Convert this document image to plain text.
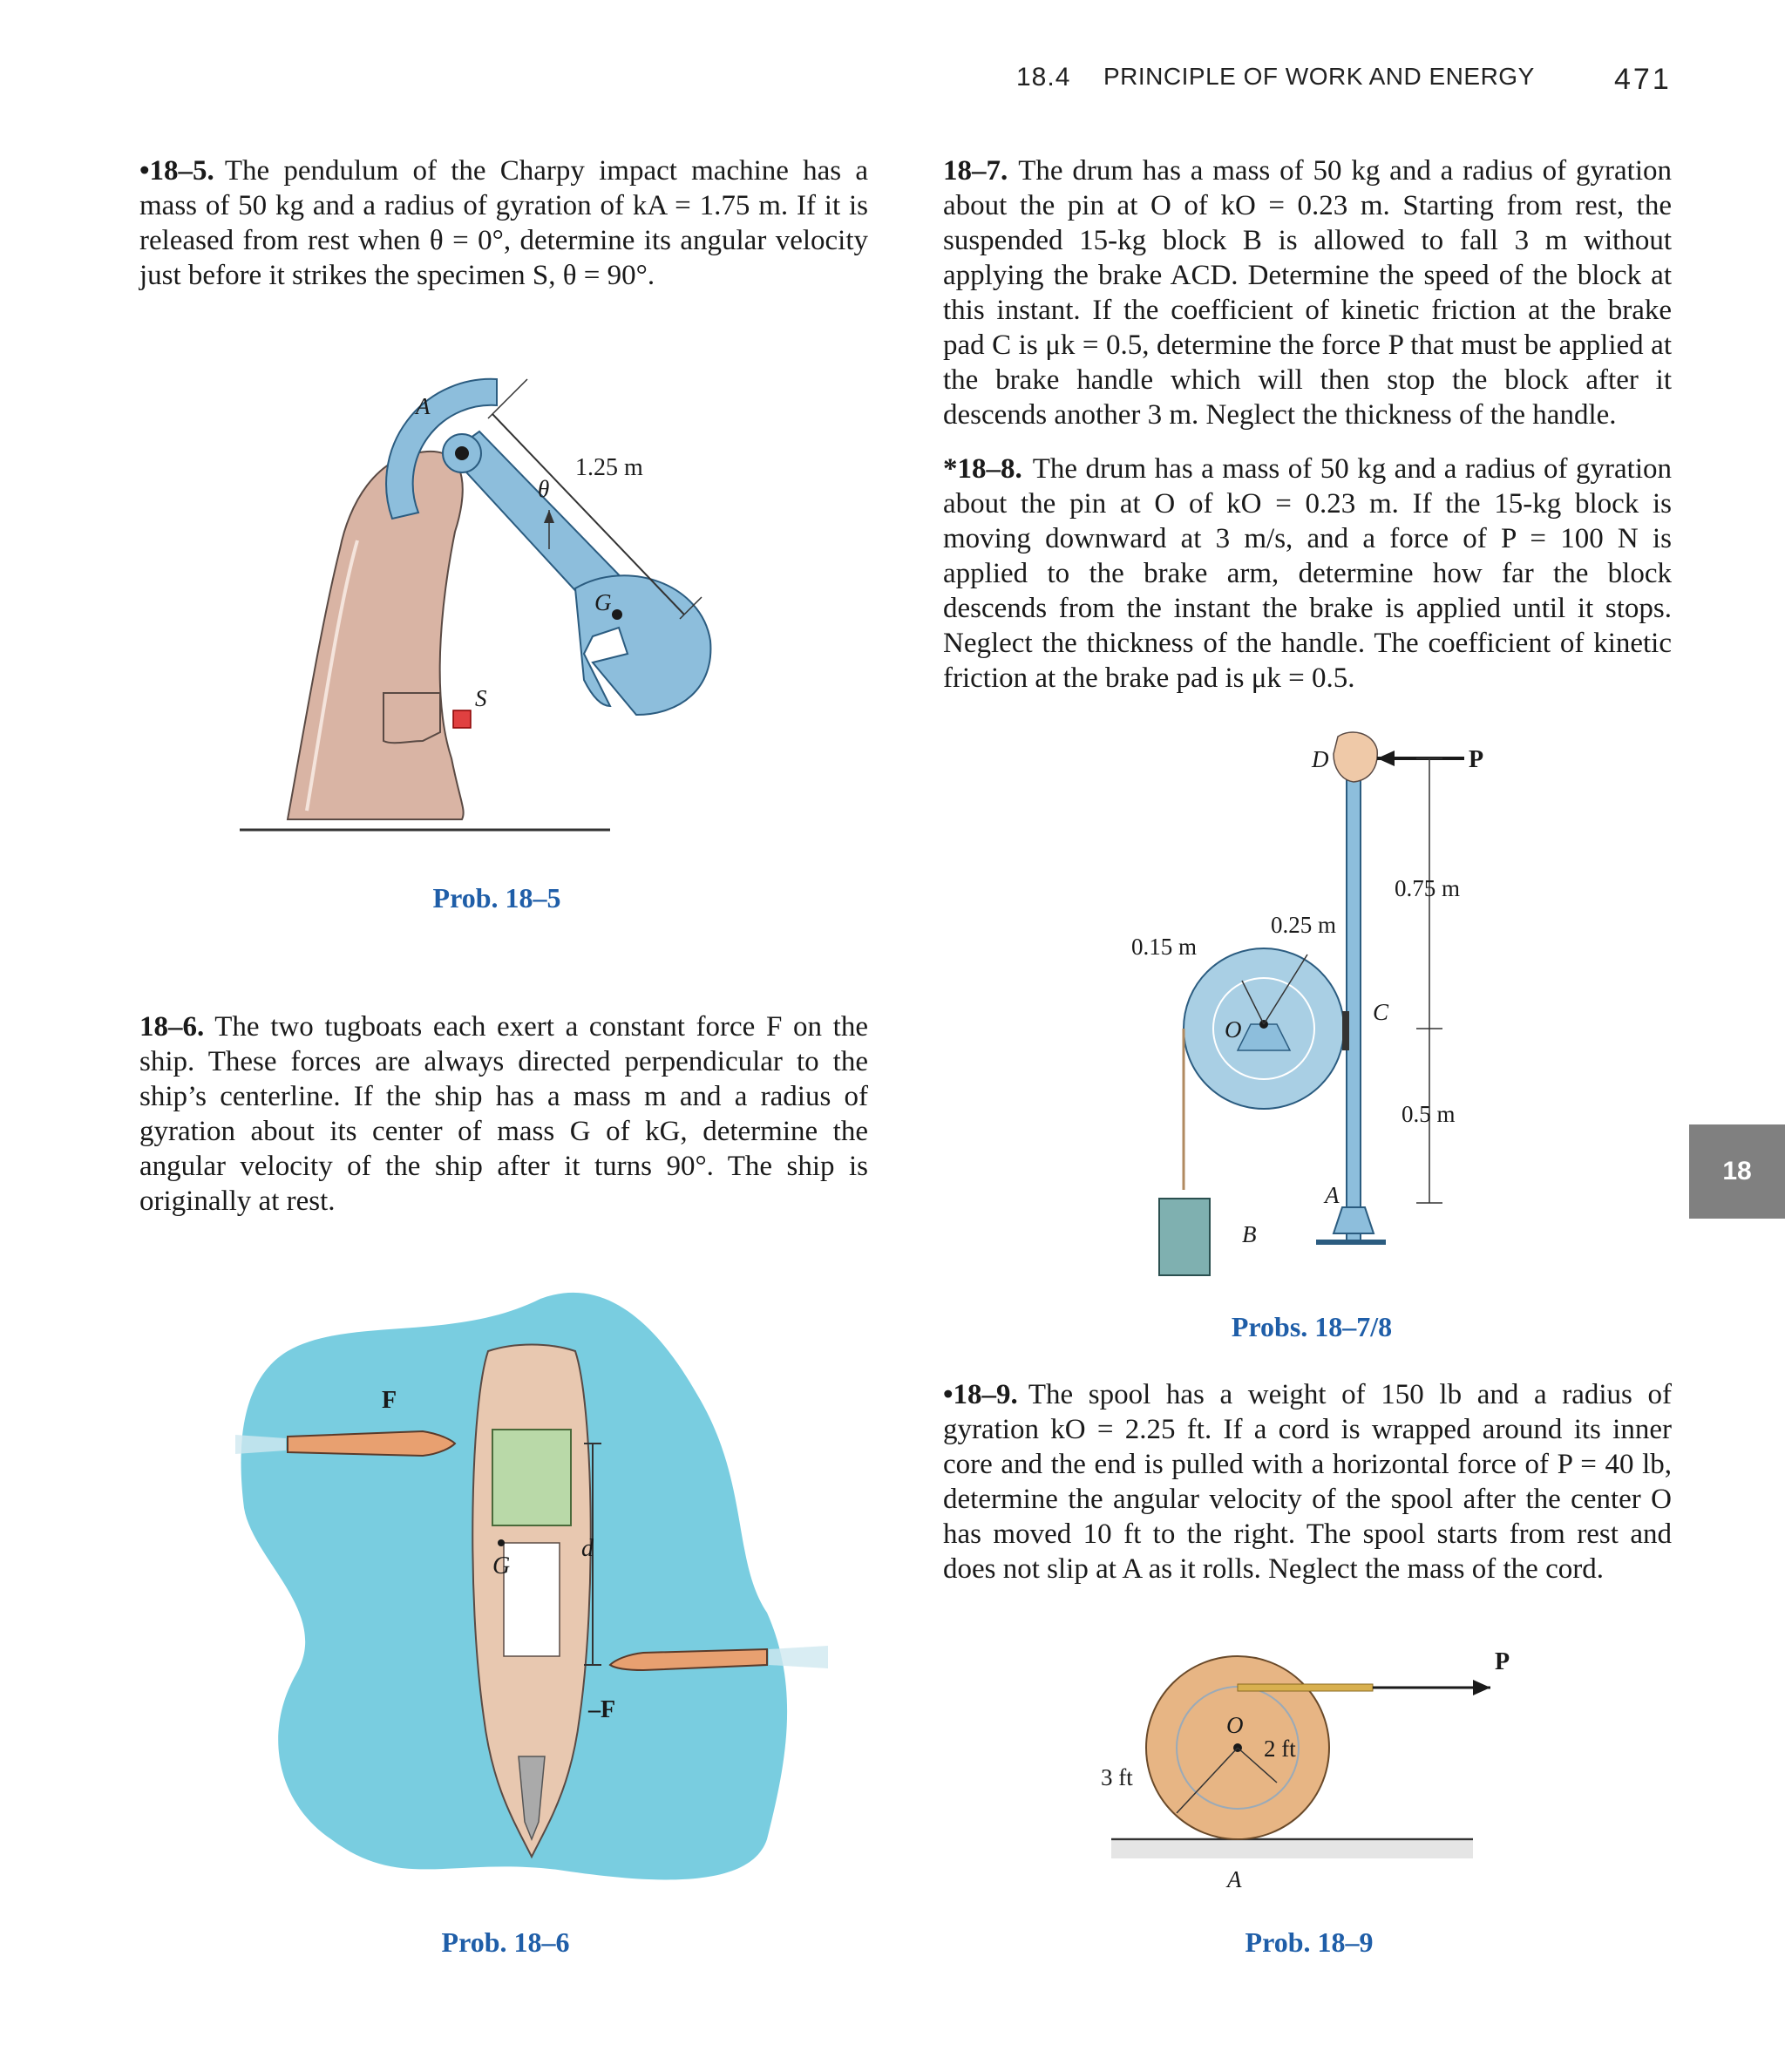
18.4 PRINCIPLE OF WORK AND ENERGY	471
18
•18–5. The pendulum of the Charpy impact machine has a mass of 50 kg and a radius of gyration of kA = 1.75 m. If it is released from rest when θ = 0°, determine its angular velocity just before it strikes the specimen S, θ = 90°.
A
1.25 m
θ
G
S
Prob. 18–5
18–6. The two tugboats each exert a constant force F on the ship. These forces are always directed perpendicular to the ship’s centerline. If the ship has a mass m and a radius of gyration about its center of mass G of kG, determine the angular velocity of the ship after it turns 90°. The ship is originally at rest.
F
–F
d
G
Prob. 18–6
18–7. The drum has a mass of 50 kg and a radius of gyration about the pin at O of kO = 0.23 m. Starting from rest, the suspended 15-kg block B is allowed to fall 3 m without applying the brake ACD. Determine the speed of the block at this instant. If the coefficient of kinetic friction at the brake pad C is μk = 0.5, determine the force P that must be applied at the brake handle which will then stop the block after it descends another 3 m. Neglect the thickness of the handle.
*18–8. The drum has a mass of 50 kg and a radius of gyration about the pin at O of kO = 0.23 m. If the 15-kg block is moving downward at 3 m/s, and a force of P = 100 N is applied to the brake arm, determine how far the block descends from the instant the brake is applied until it stops. Neglect the thickness of the handle. The coefficient of kinetic friction at the brake pad is μk = 0.5.
D	P
0.75 m
0.25 m
0.15 m
O
C
0.5 m
A
B
Probs. 18–7/8
•18–9. The spool has a weight of 150 lb and a radius of gyration kO = 2.25 ft. If a cord is wrapped around its inner core and the end is pulled with a horizontal force of P = 40 lb, determine the angular velocity of the spool after the center O has moved 10 ft to the right. The spool starts from rest and does not slip at A as it rolls. Neglect the mass of the cord.
P
O
2 ft
3 ft
A
Prob. 18–9
